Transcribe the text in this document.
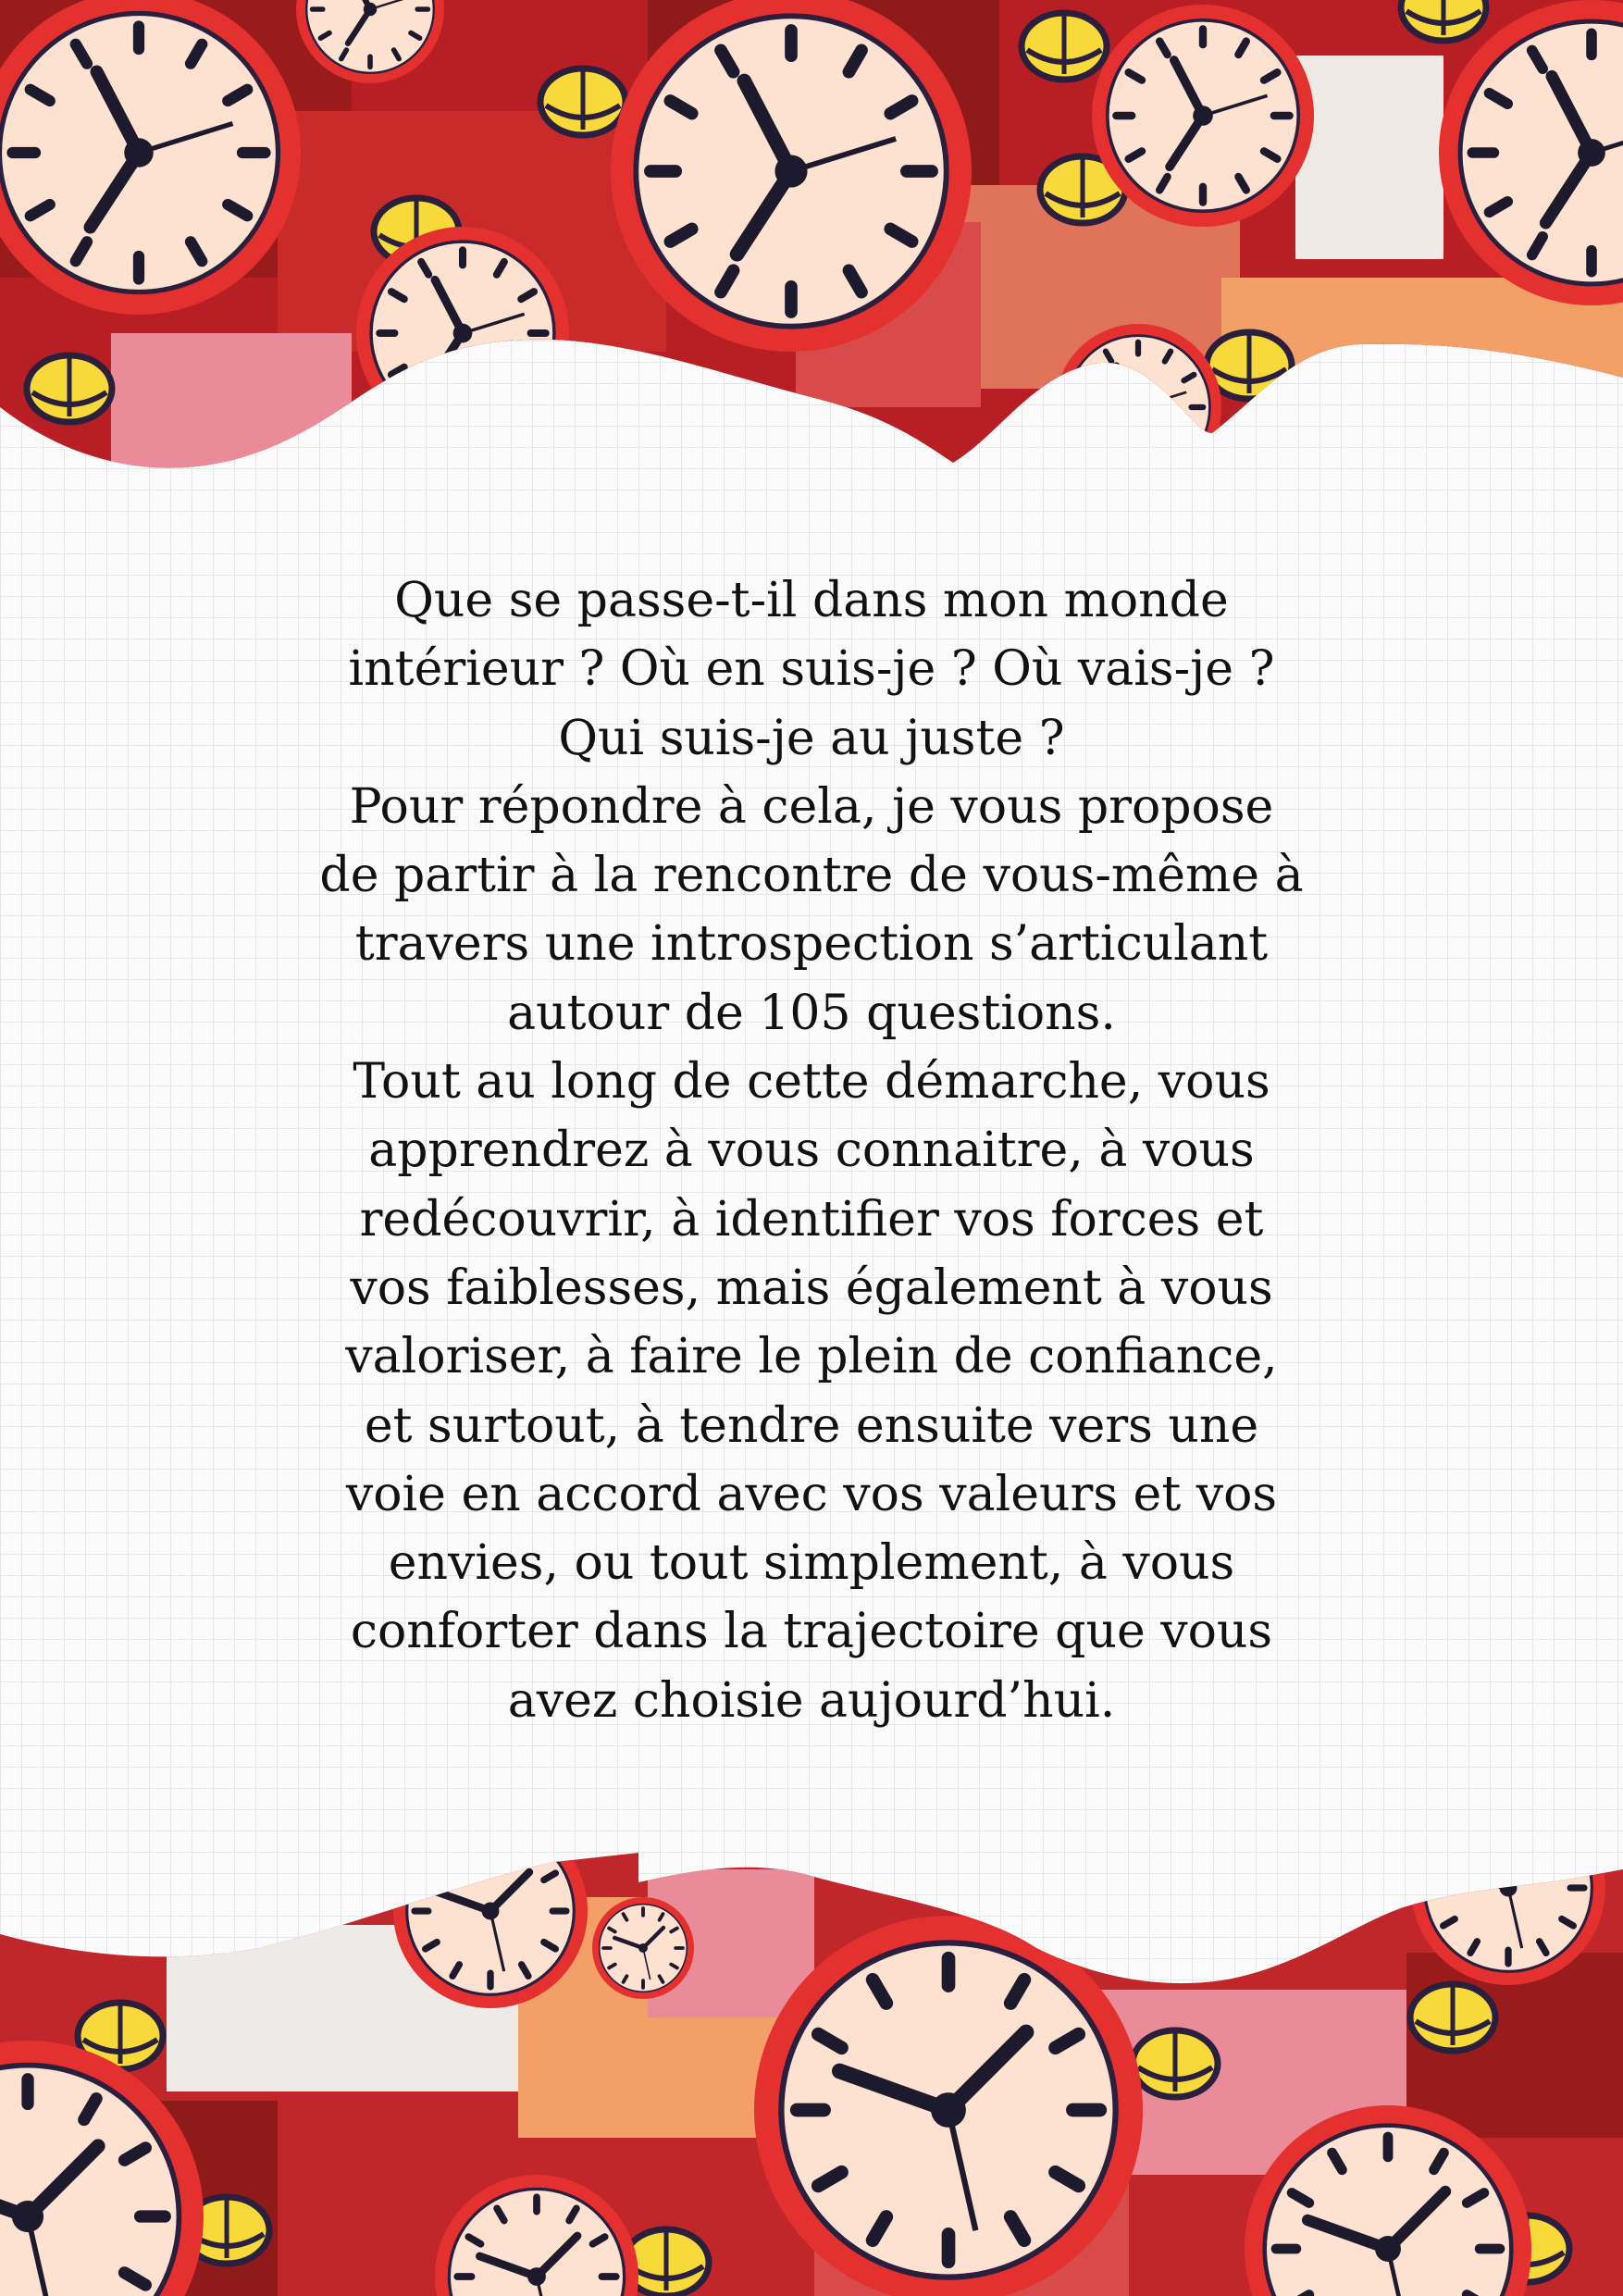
Que se passe-t-il dans mon monde
intérieur ? Où en suis-je ? Où vais-je ?
Qui suis-je au juste ?
Pour répondre à cela, je vous propose
de partir à la rencontre de vous-même à
travers une introspection s’articulant
autour de 105 questions.
Tout au long de cette démarche, vous
apprendrez à vous connaitre, à vous
redécouvrir, à identifier vos forces et
vos faiblesses, mais également à vous
valoriser, à faire le plein de confiance,
et surtout, à tendre ensuite vers une
voie en accord avec vos valeurs et vos
envies, ou tout simplement, à vous
conforter dans la trajectoire que vous
avez choisie aujourd’hui.
